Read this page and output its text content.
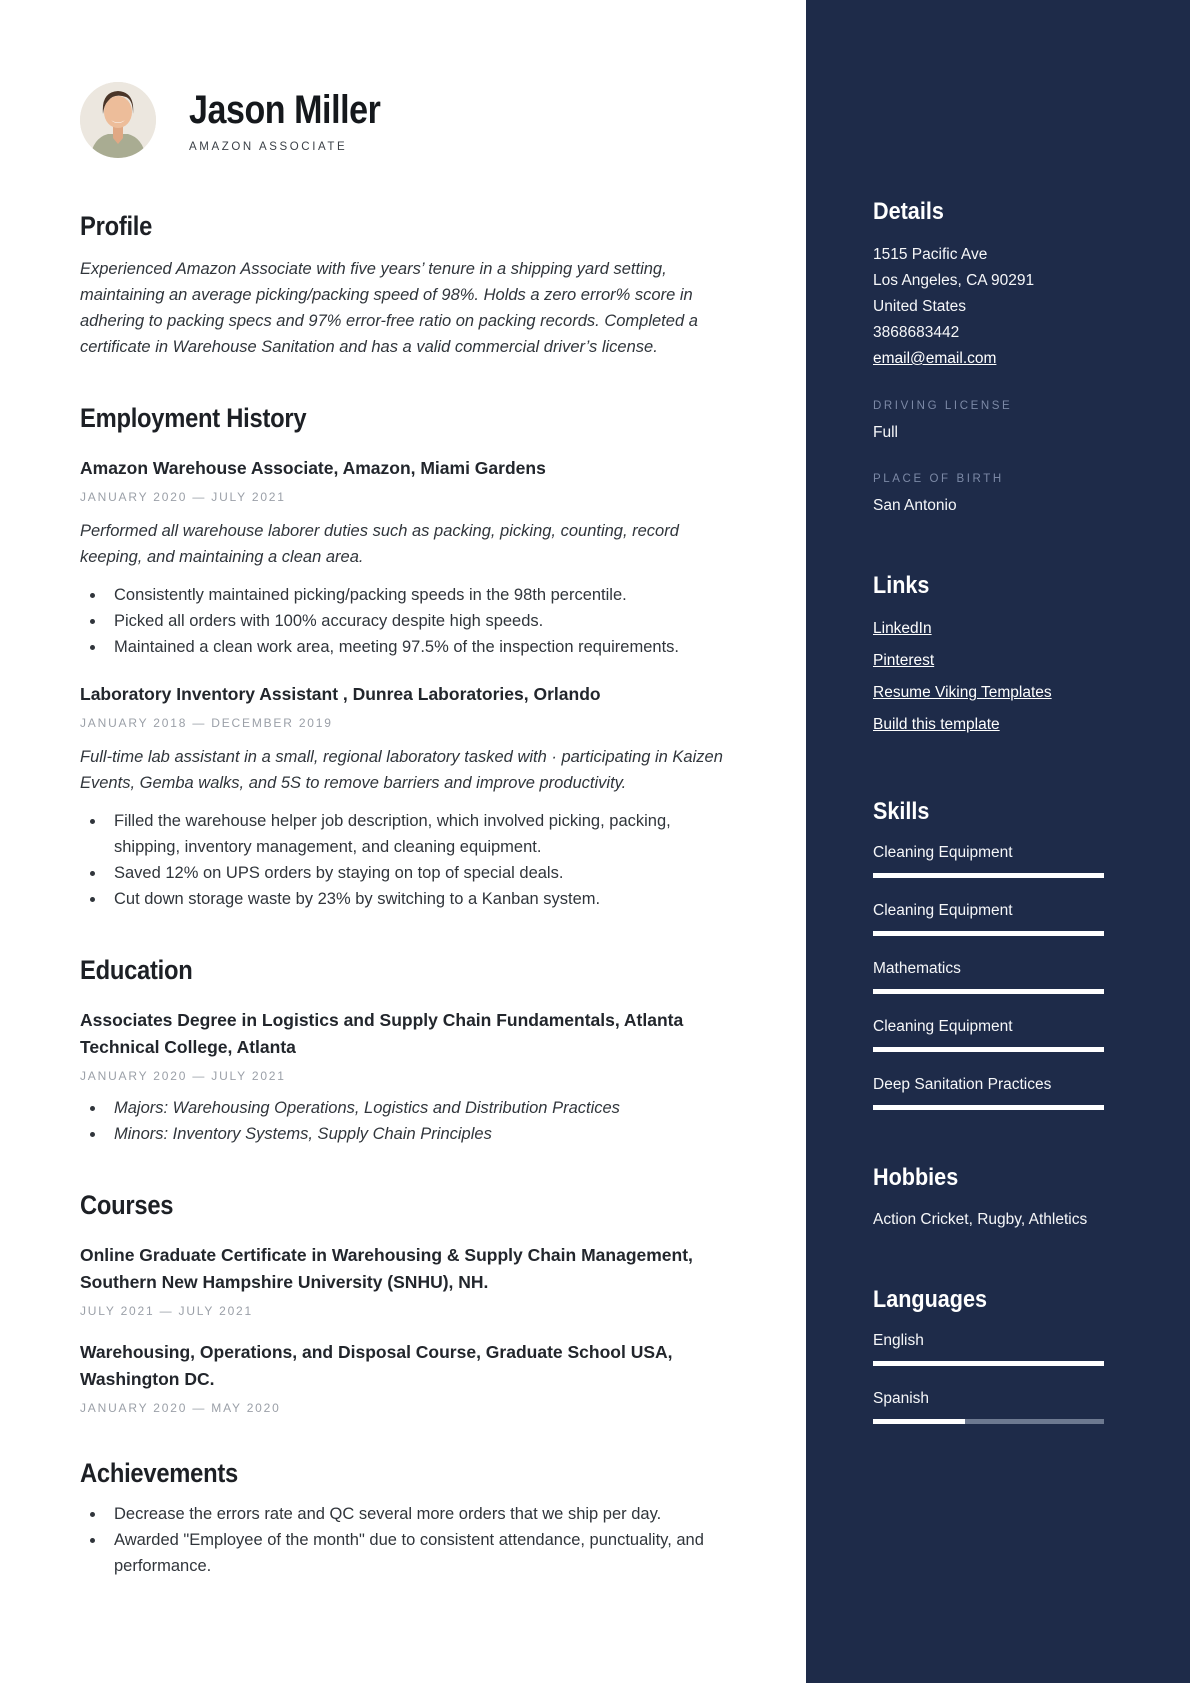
Jason Miller
AMAZON ASSOCIATE
Profile

Experienced Amazon Associate with five years’ tenure in a shipping yard setting, maintaining an average picking/packing speed of 98%. Holds a zero error% score in adhering to packing specs and 97% error-free ratio on packing records. Completed a certificate in Warehouse Sanitation and has a valid commercial driver’s license.

Employment History
Amazon Warehouse Associate, Amazon, Miami Gardens
JANUARY 2020 — JULY 2021

Performed all warehouse laborer duties such as packing, picking, counting, record keeping, and maintaining a clean area.

• Consistently maintained picking/packing speeds in the 98th percentile.
• Picked all orders with 100% accuracy despite high speeds.
• Maintained a clean work area, meeting 97.5% of the inspection requirements.
Laboratory Inventory Assistant , Dunrea Laboratories, Orlando
JANUARY 2018 — DECEMBER 2019

Full-time lab assistant in a small, regional laboratory tasked with · participating in Kaizen Events, Gemba walks, and 5S to remove barriers and improve productivity.

• Filled the warehouse helper job description, which involved picking, packing, shipping, inventory management, and cleaning equipment.
• Saved 12% on UPS orders by staying on top of special deals.
• Cut down storage waste by 23% by switching to a Kanban system.
Education
Associates Degree in Logistics and Supply Chain Fundamentals, Atlanta Technical College, Atlanta
JANUARY 2020 — JULY 2021
• Majors: Warehousing Operations, Logistics and Distribution Practices
• Minors: Inventory Systems, Supply Chain Principles
Courses
Online Graduate Certificate in Warehousing & Supply Chain Management, Southern New Hampshire University (SNHU), NH.
JULY 2021 — JULY 2021
Warehousing, Operations, and Disposal Course, Graduate School USA, Washington DC.
JANUARY 2020 — MAY 2020
Achievements
• Decrease the errors rate and QC several more orders that we ship per day.
• Awarded "Employee of the month" due to consistent attendance, punctuality, and performance.
Details
1515 Pacific Ave
Los Angeles, CA 90291
United States
3868683442
email@email.com
DRIVING LICENSE
Full
PLACE OF BIRTH
San Antonio
Links
LinkedIn
Pinterest
Resume Viking Templates
Build this template
Skills
Cleaning Equipment
Cleaning Equipment
Mathematics
Cleaning Equipment
Deep Sanitation Practices
Hobbies
Action Cricket, Rugby, Athletics
Languages
English
Spanish
